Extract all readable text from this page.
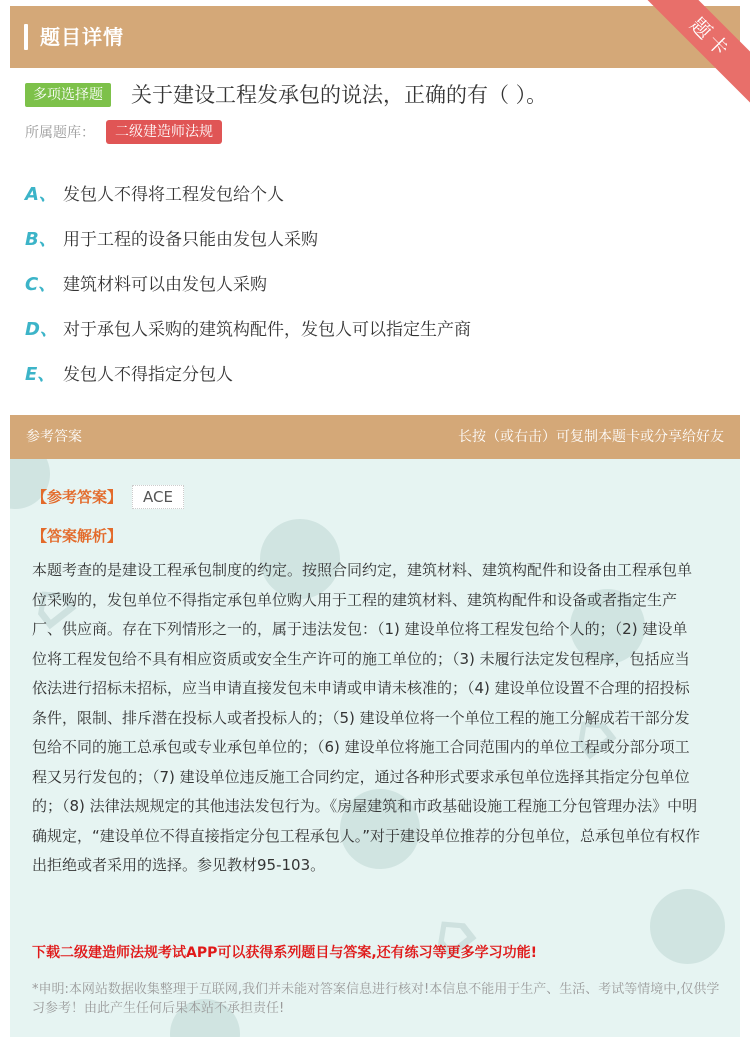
题目详情	题卡
多项选择题	关于建设工程发承包的说法，正确的有（ ）。
所属题库：	二级建造师法规
A、 发包人不得将工程发包给个人
B、 用于工程的设备只能由发包人采购
C、 建筑材料可以由发包人采购
D、 对于承包人采购的建筑构配件，发包人可以指定生产商
E、 发包人不得指定分包人
参考答案	长按（或右击）可复制本题卡或分享给好友
⌂
⌂
⌂
【参考答案】 ACE
【答案解析】
本题考查的是建设工程承包制度的约定。按照合同约定，建筑材料、建筑构配件和设备由工程承包单位采购的，发包单位不得指定承包单位购人用于工程的建筑材料、建筑构配件和设备或者指定生产厂、供应商。存在下列情形之一的，属于违法发包：（1) 建设单位将工程发包给个人的；（2) 建设单位将工程发包给不具有相应资质或安全生产许可的施工单位的；（3) 未履行法定发包程序，包括应当依法进行招标未招标，应当申请直接发包未申请或申请未核准的；（4) 建设单位设置不合理的招投标条件，限制、排斥潜在投标人或者投标人的；（5) 建设单位将一个单位工程的施工分解成若干部分发包给不同的施工总承包或专业承包单位的；（6) 建设单位将施工合同范围内的单位工程或分部分项工程又另行发包的；（7) 建设单位违反施工合同约定，通过各种形式要求承包单位选择其指定分包单位的；（8) 法律法规规定的其他违法发包行为。《房屋建筑和市政基础设施工程施工分包管理办法》中明确规定，“建设单位不得直接指定分包工程承包人。”对于建设单位推荐的分包单位，总承包单位有权作出拒绝或者采用的选择。参见教材95-103。
下载二级建造师法规考试APP可以获得系列题目与答案,还有练习等更多学习功能!
*申明:本网站数据收集整理于互联网,我们并未能对答案信息进行核对!本信息不能用于生产、生活、考试等情境中,仅供学习参考！由此产生任何后果本站不承担责任!
